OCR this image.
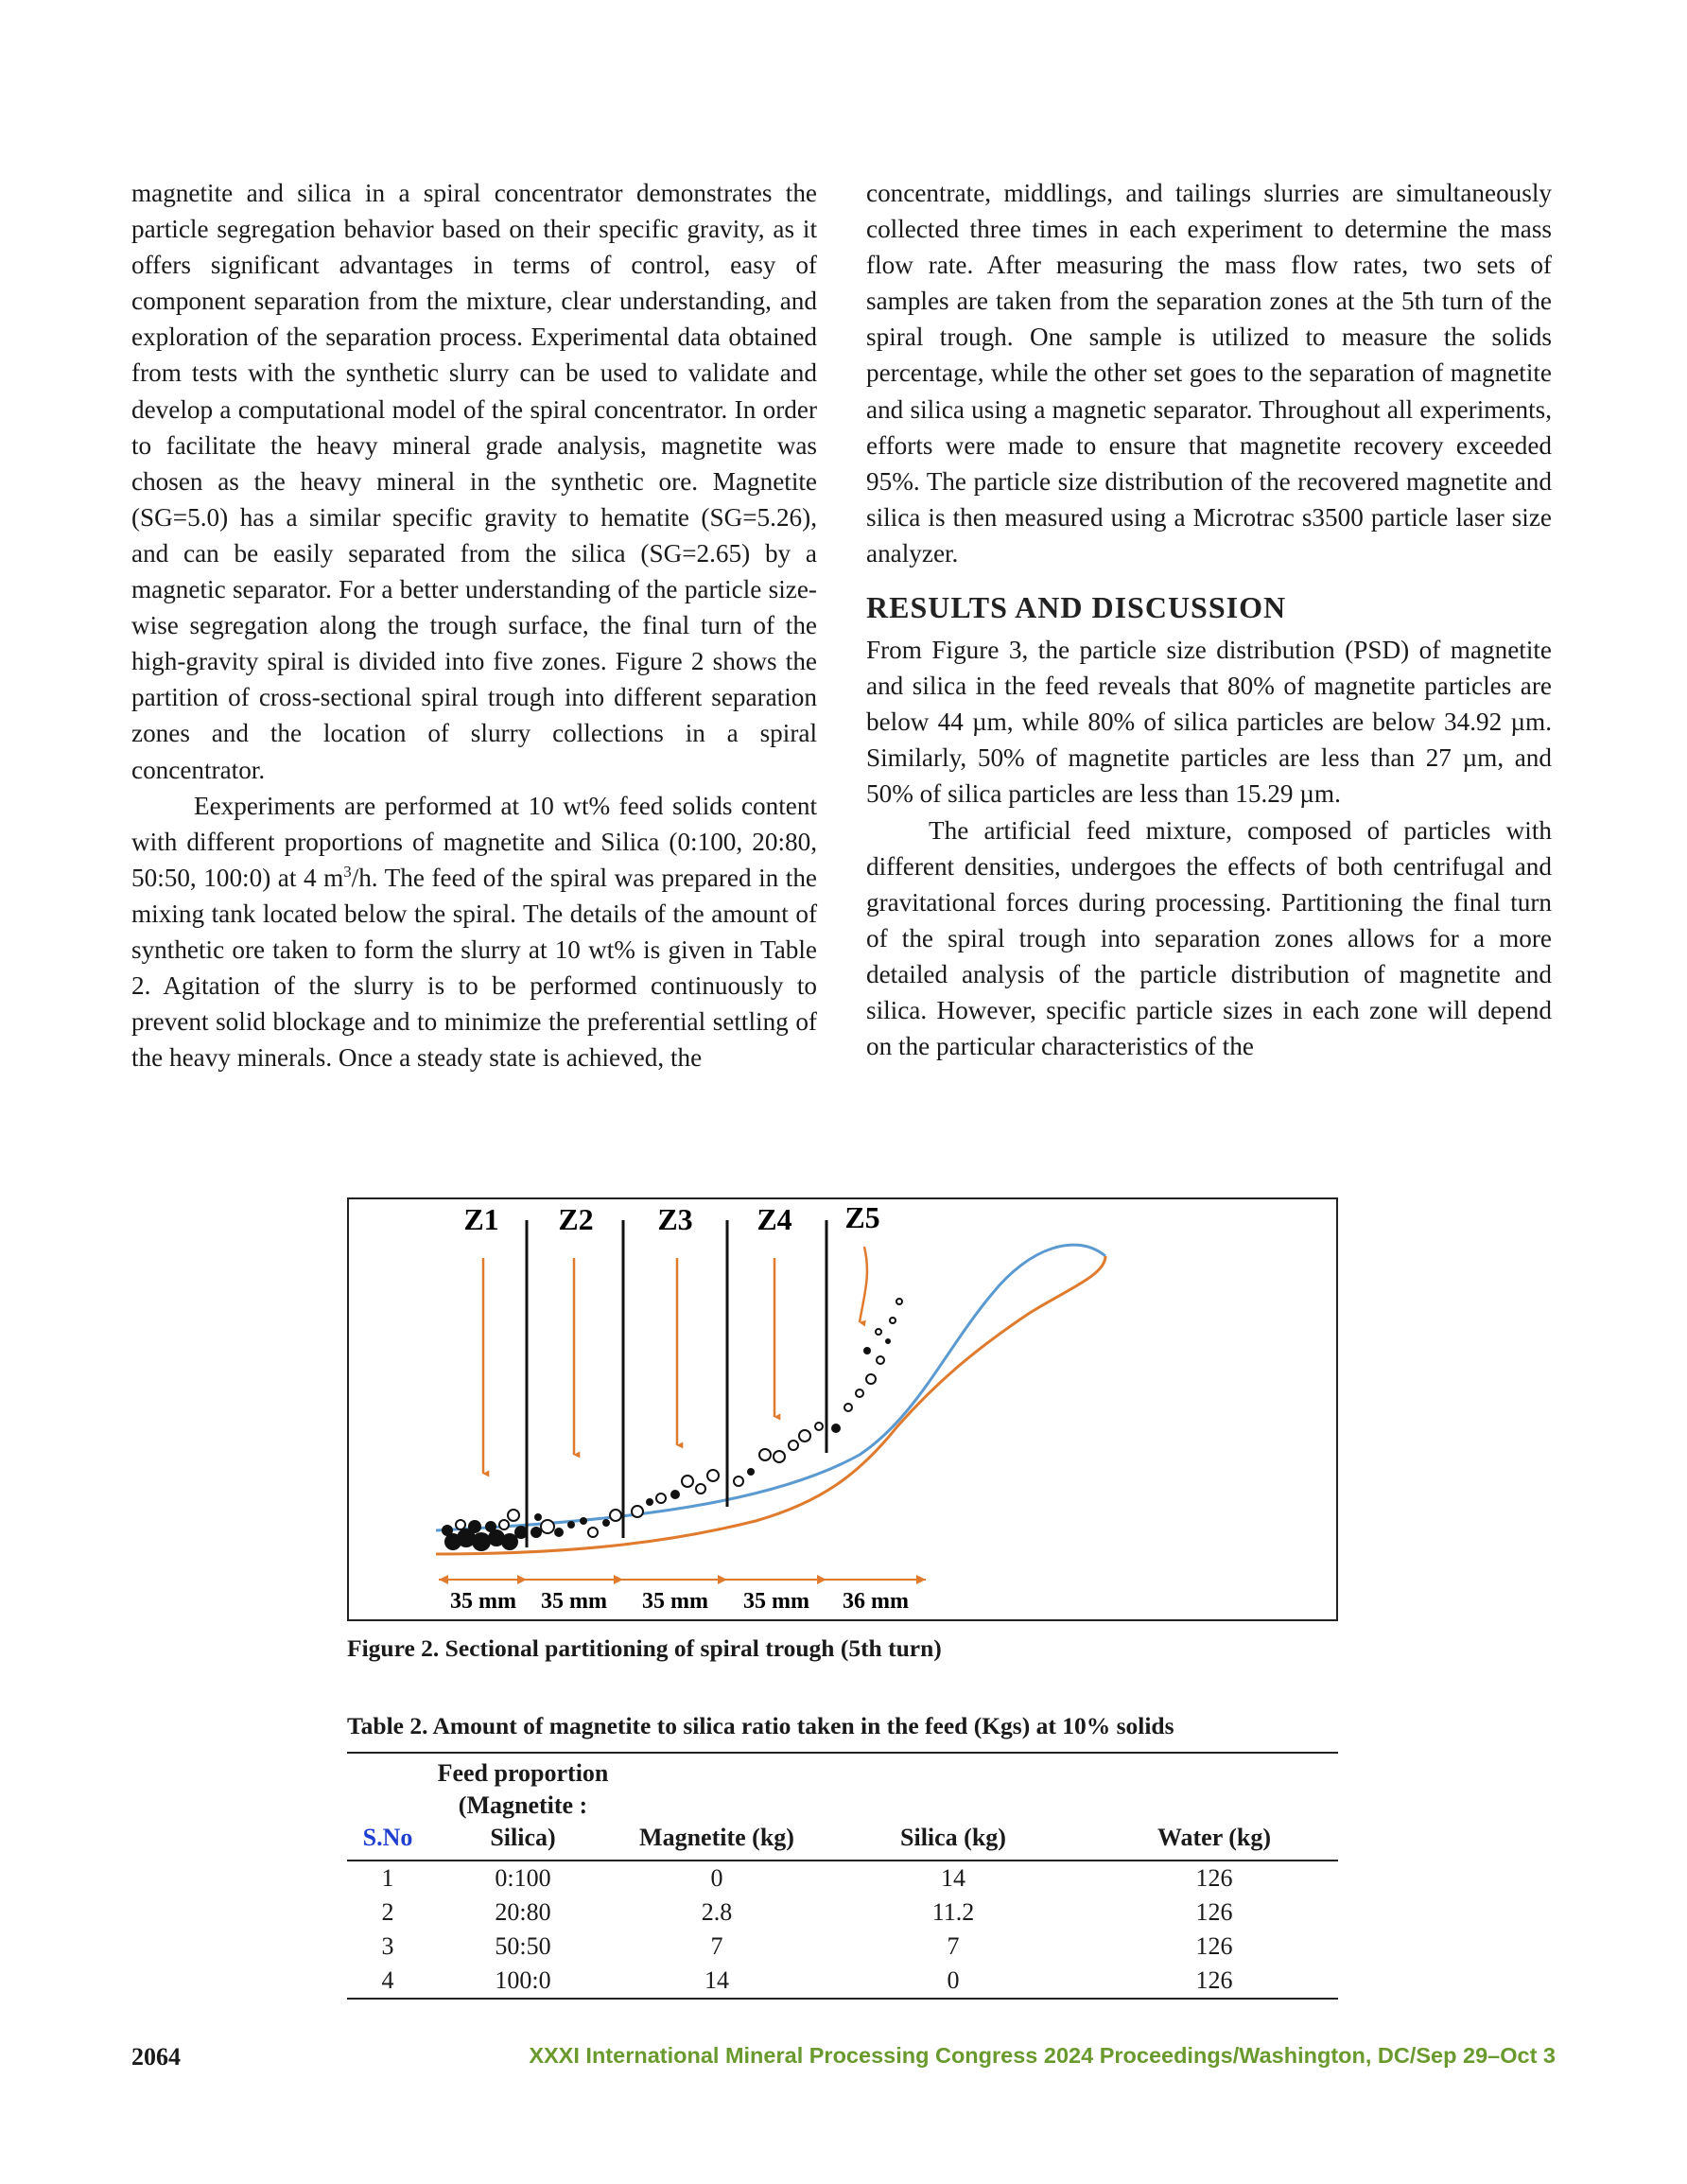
magnetite and silica in a spiral concentrator demonstrates the particle segregation behavior based on their specific gravity, as it offers significant advantages in terms of control, easy of component separation from the mixture, clear understanding, and exploration of the separation process. Experimental data obtained from tests with the synthetic slurry can be used to validate and develop a computational model of the spiral concentrator. In order to facilitate the heavy mineral grade analysis, magnetite was chosen as the heavy mineral in the synthetic ore. Magnetite (SG=5.0) has a similar specific gravity to hematite (SG=5.26), and can be easily separated from the silica (SG=2.65) by a magnetic separator. For a better understanding of the particle size-wise segregation along the trough surface, the final turn of the high-gravity spiral is divided into five zones. Figure 2 shows the partition of cross-sectional spiral trough into different separation zones and the location of slurry collections in a spiral concentrator.

Eexperiments are performed at 10 wt% feed solids content with different proportions of magnetite and Silica (0:100, 20:80, 50:50, 100:0) at 4 $m^3/h$. The feed of the spiral was prepared in the mixing tank located below the spiral. The details of the amount of synthetic ore taken to form the slurry at 10 wt% is given in Table 2. Agitation of the slurry is to be performed continuously to prevent solid blockage and to minimize the preferential settling of the heavy minerals. Once a steady state is achieved, the

concentrate, middlings, and tailings slurries are simultaneously collected three times in each experiment to determine the mass flow rate. After measuring the mass flow rates, two sets of samples are taken from the separation zones at the 5th turn of the spiral trough. One sample is utilized to measure the solids percentage, while the other set goes to the separation of magnetite and silica using a magnetic separator. Throughout all experiments, efforts were made to ensure that magnetite recovery exceeded 95%. The particle size distribution of the recovered magnetite and silica is then measured using a Microtrac s3500 particle laser size analyzer.

RESULTS AND DISCUSSION

From Figure 3, the particle size distribution (PSD) of magnetite and silica in the feed reveals that 80% of magnetite particles are below 44 µm, while 80% of silica particles are below 34.92 µm. Similarly, 50% of magnetite particles are less than 27 µm, and 50% of silica particles are less than 15.29 µm.

The artificial feed mixture, composed of particles with different densities, undergoes the effects of both centrifugal and gravitational forces during processing. Partitioning the final turn of the spiral trough into separation zones allows for a more detailed analysis of the particle distribution of magnetite and silica. However, specific particle sizes in each zone will depend on the particular characteristics of the

Z1 Z2 Z3 Z4 Z5
35 mm 35 mm 35 mm 35 mm 36 mm
Figure 2. Sectional partitioning of spiral trough (5th turn)
Table 2. Amount of magnetite to silica ratio taken in the feed (Kgs) at 10% solids
S.No	Feed proportion
(Magnetite : Silica)	Magnetite (kg)	Silica (kg)	Water (kg)
1	0:100	0	14	126
2	20:80	2.8	11.2	126
3	50:50	7	7	126
4	100:0	14	0	126
2064	XXXI International Mineral Processing Congress 2024 Proceedings/Washington, DC/Sep 29–Oct 3
